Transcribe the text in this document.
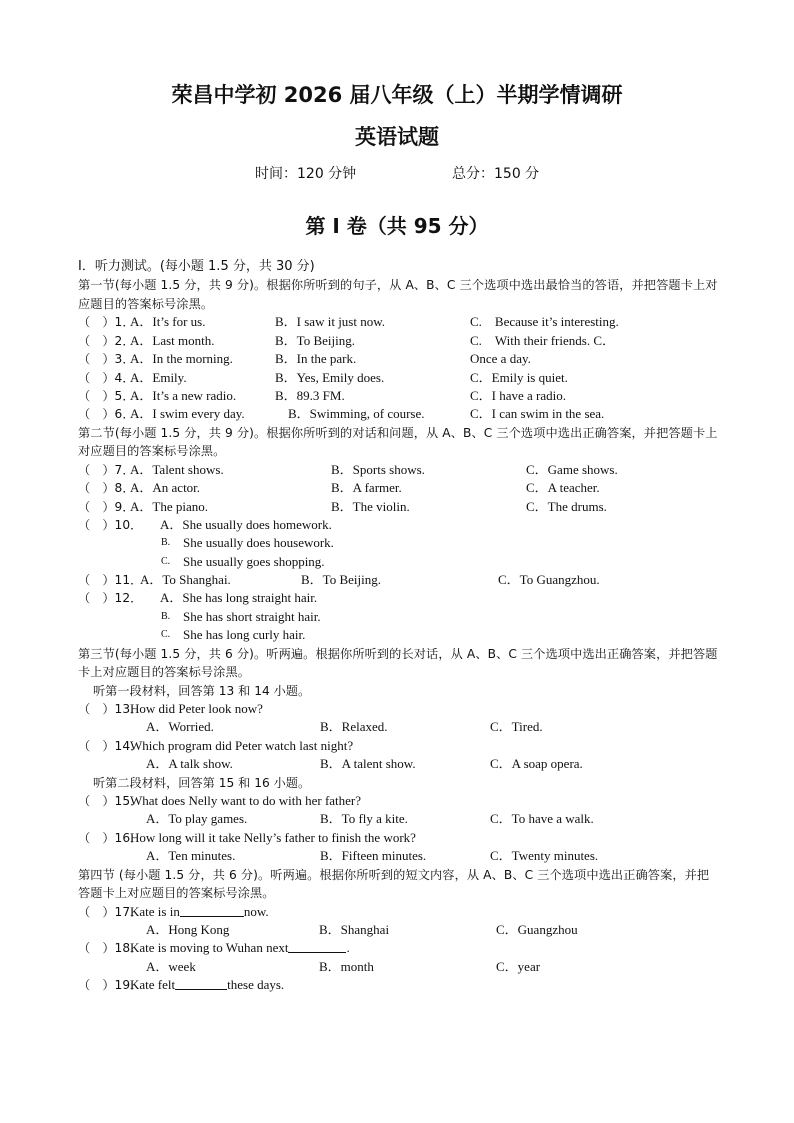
荣昌中学初 2026 届八年级（上）半期学情调研
英语试题
时间：120 分钟	总分：150 分
第 I 卷（共 95 分）
I．听力测试。(每小题 1.5 分，共 30 分)
第一节(每小题 1.5 分，共 9 分)。根据你所听到的句子，从 A、B、C 三个选项中选出最恰当的答语，并把答题卡上对应题目的答案标号涂黑。
（　）1．
A．It’s for us.	B．I saw it just now.	C.　Because it’s interesting.
（　）2．
A．Last month.	B．To Beijing.	C.　With their friends. C．
（　）3．
A．In the morning.	B．In the park.	Once a day.
（　）4．
A．Emily.	B．Yes, Emily does.	C．Emily is quiet.
（　）5．
A．It’s a new radio.	B．89.3 FM.	C．I have a radio.
（　）6．
A．I swim every day.	B．Swimming, of course.	C．I can swim in the sea.
第二节(每小题 1.5 分，共 9 分)。根据你所听到的对话和问题，从 A、B、C 三个选项中选出正确答案，并把答题卡上对应题目的答案标号涂黑。
（　）7．
A．Talent shows.	B．Sports shows.	C．Game shows.
（　）8．
A．An actor.	B．A farmer.	C．A teacher.
（　）9．
A．The piano.	B．The violin.	C．The drums.
（　）10． A．She usually does homework.
B. She usually does housework.
C. She usually goes shopping.
（　）11．
A．To Shanghai.	B．To Beijing.	C．To Guangzhou.
（　）12． A．She has long straight hair.
B. She has short straight hair.
C. She has long curly hair.
第三节(每小题 1.5 分，共 6 分)。听两遍。根据你所听到的长对话，从 A、B、C 三个选项中选出正确答案，并把答题卡上对应题目的答案标号涂黑。
听第一段材料，回答第 13 和 14 小题。
（　）13．
How did Peter look now?
A．Worried.	B．Relaxed.	C．Tired.
（　）14．
Which program did Peter watch last night?
A．A talk show.	B．A talent show.	C．A soap opera.
听第二段材料，回答第 15 和 16 小题。
（　）15．
What does Nelly want to do with her father?
A．To play games.	B．To fly a kite.	C．To have a walk.
（　）16．
How long will it take Nelly’s father to finish the work?
A．Ten minutes.	B．Fifteen minutes.	C．Twenty minutes.
第四节 (每小题 1.5 分，共 6 分)。听两遍。根据你所听到的短文内容，从 A、B、C 三个选项中选出正确答案，并把答题卡上对应题目的答案标号涂黑。
（　）17．
Kate is in	now.
A．Hong Kong	B．Shanghai	C．Guangzhou
（　）18．
Kate is moving to Wuhan next	.
A．week	B．month	C．year
（　）19．
Kate felt	these days.
